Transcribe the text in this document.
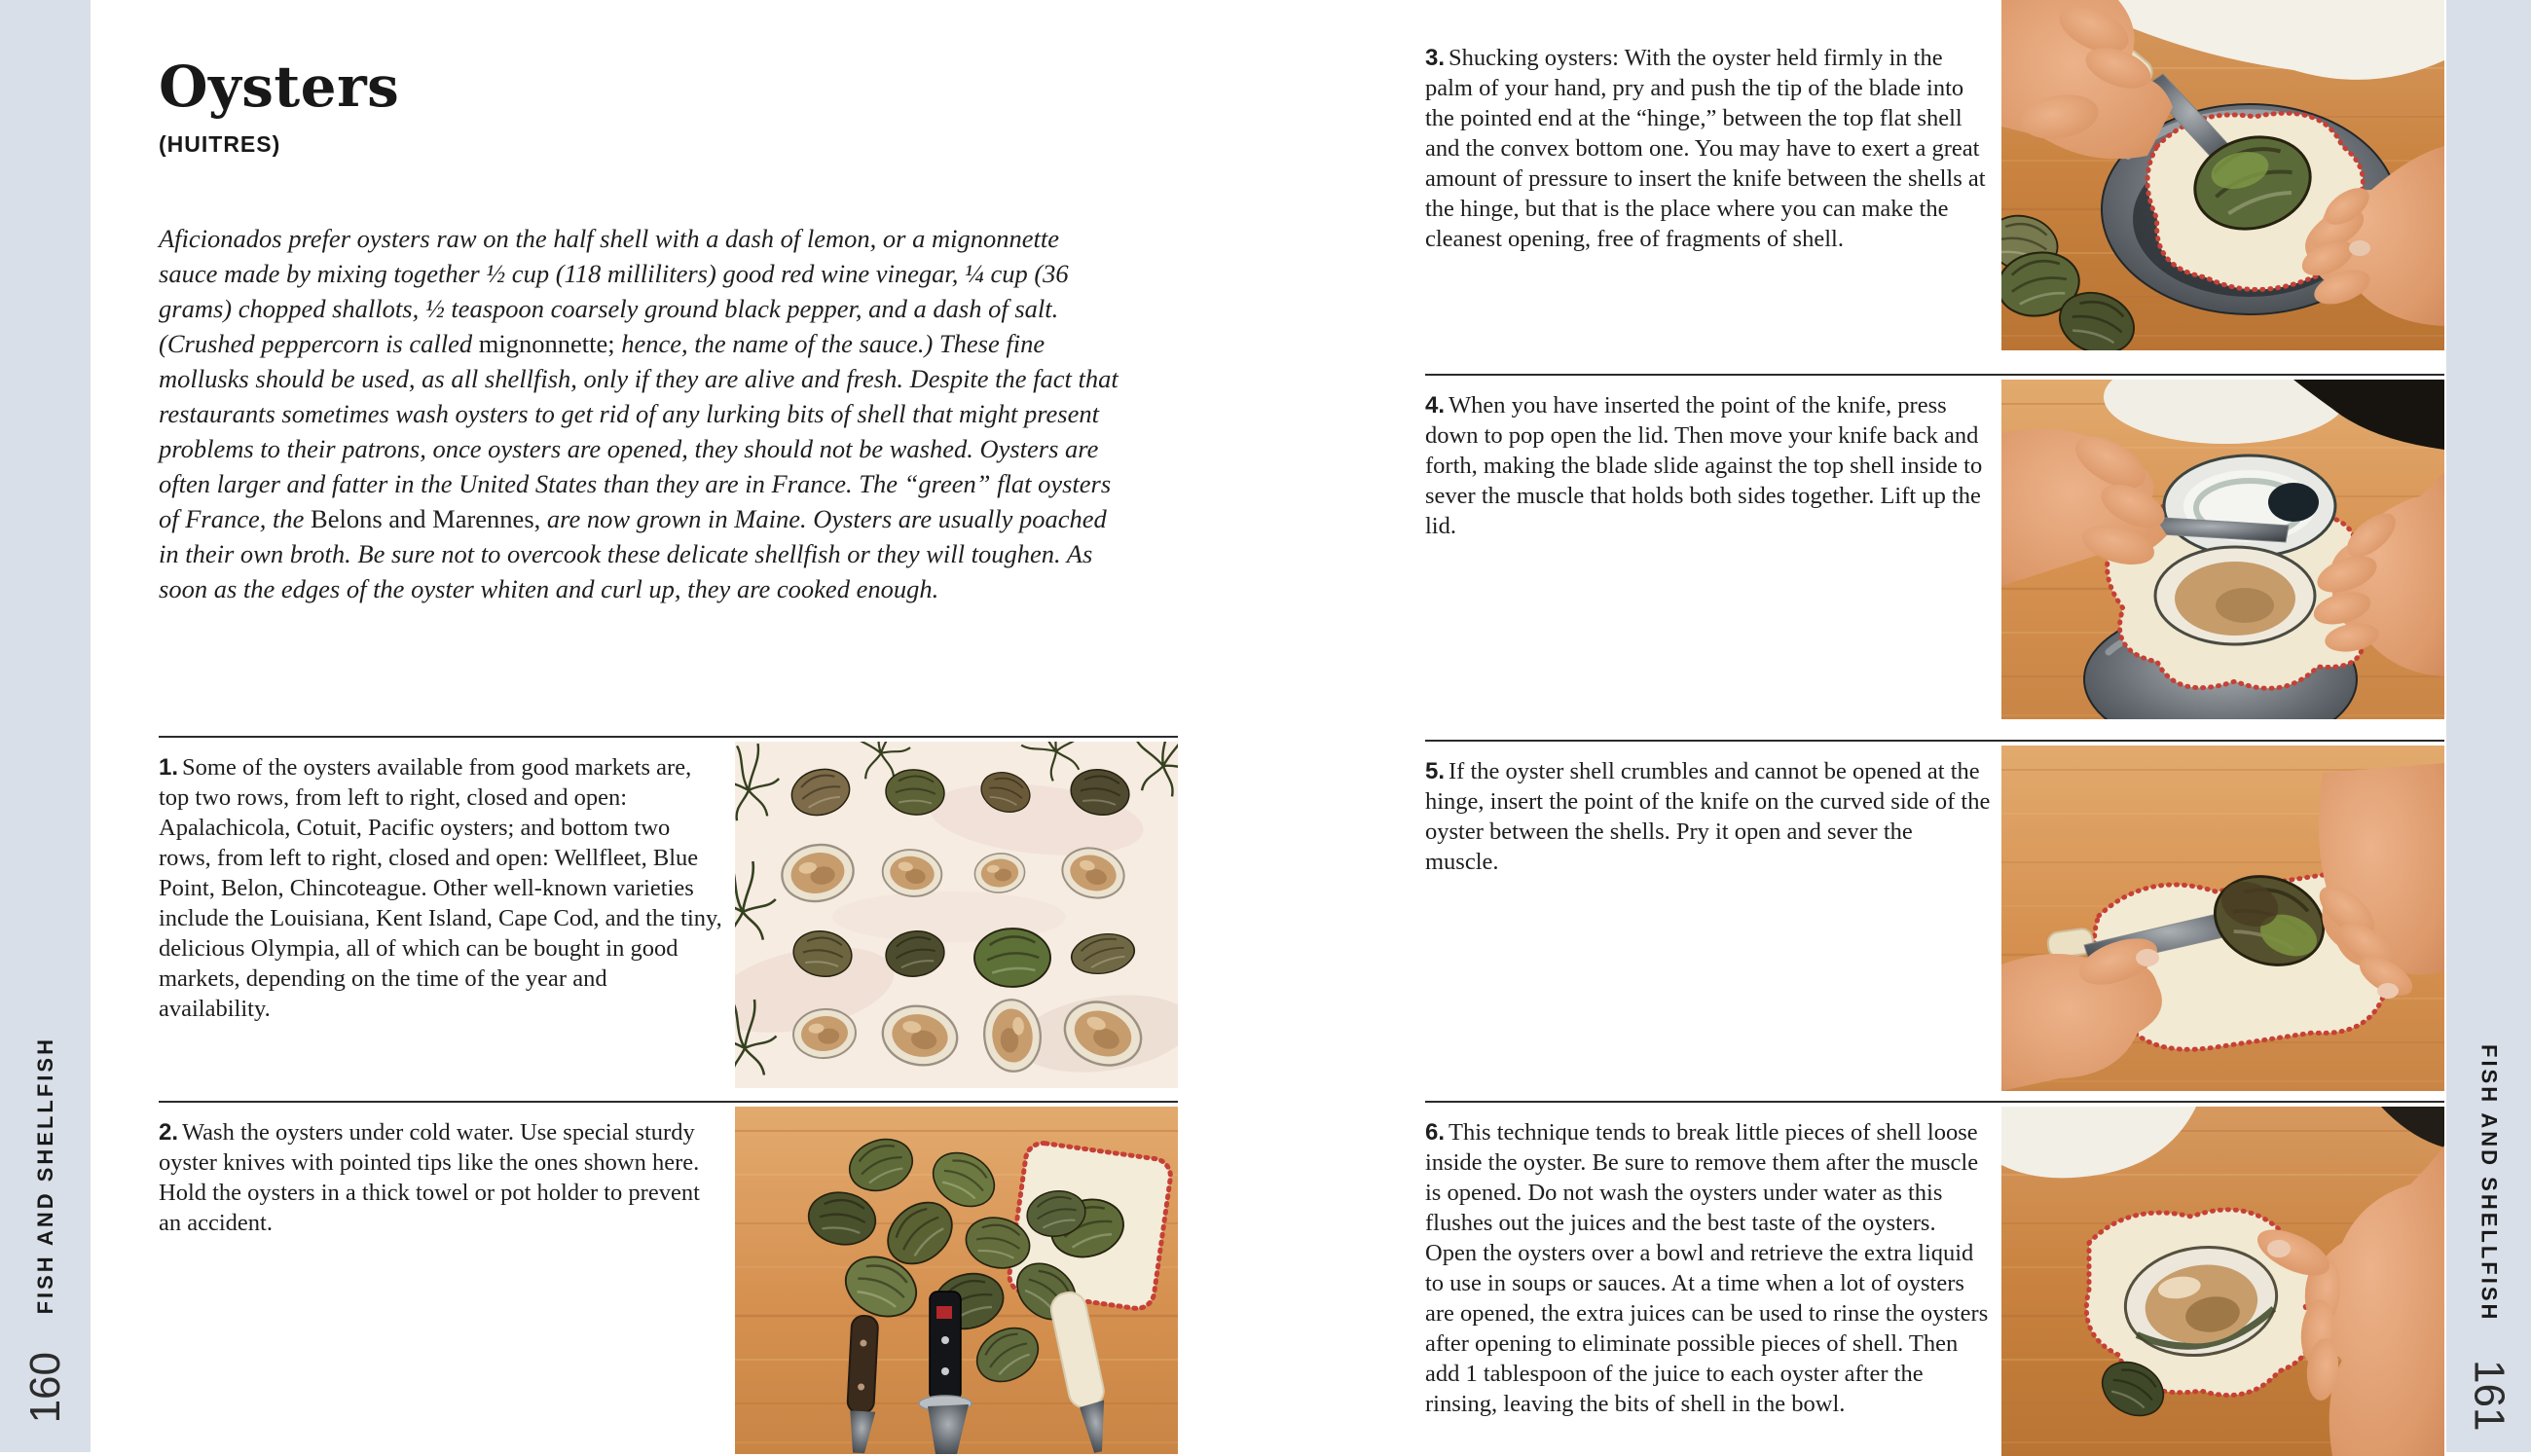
FISH AND SHELLFISH
160
Oysters

(HUITRES)

Aficionados prefer oysters raw on the half shell with a dash of lemon, or a mignonnette sauce made by mixing together ½ cup (118 milliliters) good red wine vinegar, ¼ cup (36 grams) chopped shallots, ½ teaspoon coarsely ground black pepper, and a dash of salt. (Crushed peppercorn is called mignonnette; hence, the name of the sauce.) These fine mollusks should be used, as all shellfish, only if they are alive and fresh. Despite the fact that restaurants sometimes wash oysters to get rid of any lurking bits of shell that might present problems to their patrons, once oysters are opened, they should not be washed. Oysters are often larger and fatter in the United States than they are in France. The “green” flat oysters of France, the Belons and Marennes, are now grown in Maine. Oysters are usually poached in their own broth. Be sure not to overcook these delicate shellfish or they will toughen. As soon as the edges of the oyster whiten and curl up, they are cooked enough.

1. Some of the oysters available from good markets are, top two rows, from left to right, closed and open: Apalachicola, Cotuit, Pacific oysters; and bottom two rows, from left to right, closed and open: Wellfleet, Blue Point, Belon, Chincoteague. Other well-known varieties include the Louisiana, Kent Island, Cape Cod, and the tiny, delicious Olympia, all of which can be bought in good markets, depending on the time of the year and availability.

2. Wash the oysters under cold water. Use special sturdy oyster knives with pointed tips like the ones shown here. Hold the oysters in a thick towel or pot holder to prevent an accident.

3. Shucking oysters: With the oyster held firmly in the palm of your hand, pry and push the tip of the blade into the pointed end at the “hinge,” between the top flat shell and the convex bottom one. You may have to exert a great amount of pressure to insert the knife between the shells at the hinge, but that is the place where you can make the cleanest opening, free of fragments of shell.

4. When you have inserted the point of the knife, press down to pop open the lid. Then move your knife back and forth, making the blade slide against the top shell inside to sever the muscle that holds both sides together. Lift up the lid.

5. If the oyster shell crumbles and cannot be opened at the hinge, insert the point of the knife on the curved side of the oyster between the shells. Pry it open and sever the muscle.

6. This technique tends to break little pieces of shell loose inside the oyster. Be sure to remove them after the muscle is opened. Do not wash the oysters under water as this flushes out the juices and the best taste of the oysters. Open the oysters over a bowl and retrieve the extra liquid to use in soups or sauces. At a time when a lot of oysters are opened, the extra juices can be used to rinse the oysters after opening to eliminate possible pieces of shell. Then add 1 tablespoon of the juice to each oyster after the rinsing, leaving the bits of shell in the bowl.

FISH AND SHELLFISH
161
